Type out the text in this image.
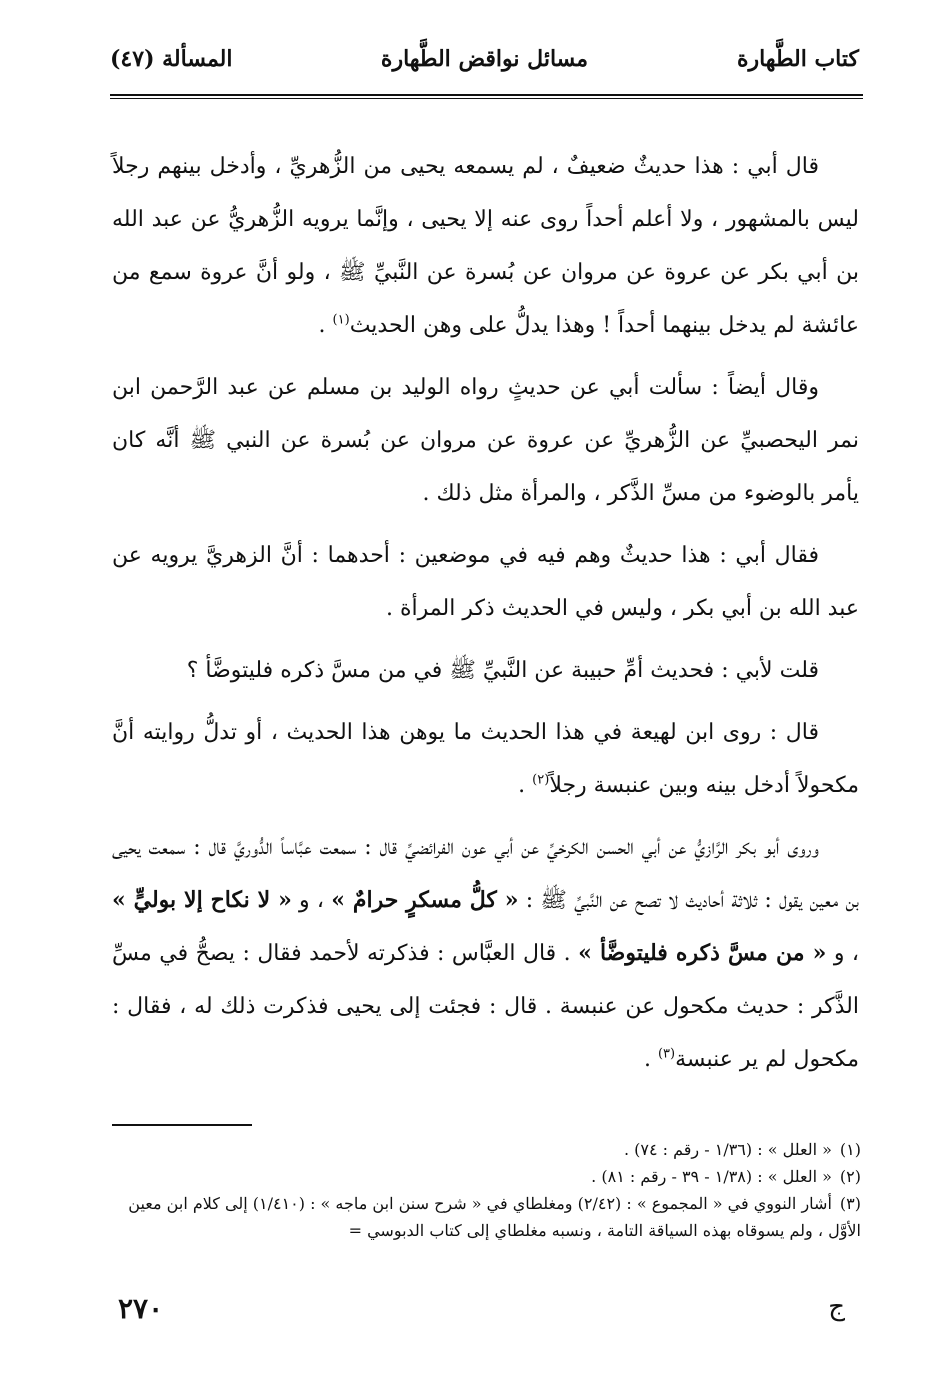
كتاب الطَّهارة
مسائل نواقض الطَّهارة
المسألة (٤٧)

قال أبي : هذا حديثٌ ضعيفٌ ، لم يسمعه يحيى من الزُّهريِّ ، وأدخل بينهم رجلاً ليس بالمشهور ، ولا أعلم أحداً روى عنه إلا يحيى ، وإنَّما يرويه الزُّهريُّ عن عبد الله بن أبي بكر عن عروة عن مروان عن بُسرة عن النَّبيِّ ﷺ ، ولو أنَّ عروة سمع من عائشة لم يدخل بينهما أحداً ! وهذا يدلُّ على وهن الحديث$^{(١)}$ .

وقال أيضاً : سألت أبي عن حديثٍ رواه الوليد بن مسلم عن عبد الرَّحمن ابن نمر اليحصبيِّ عن الزُّهريِّ عن عروة عن مروان عن بُسرة عن النبي ﷺ أنَّه كان يأمر بالوضوء من مسِّ الذَّكر ، والمرأة مثل ذلك .

فقال أبي : هذا حديثٌ وهم فيه في موضعين : أحدهما : أنَّ الزهريَّ يرويه عن عبد الله بن أبي بكر ، وليس في الحديث ذكر المرأة .

قلت لأبي : فحديث أمِّ حبيبة عن النَّبيِّ ﷺ في من مسَّ ذكره فليتوضَّأ ؟

قال : روى ابن لهيعة في هذا الحديث ما يوهن هذا الحديث ، أو تدلُّ روايته أنَّ مكحولاً أدخل بينه وبين عنبسة رجلاً$^{(٢)}$ .

وروى أبو بكر الرَّازيُّ عن أبي الحسن الكرخيِّ عن أبي عون الفرائضيِّ قال : سمعت عبَّاساً الدُّوريَّ قال : سمعت يحيى بن معين يقول : ثلاثة أحاديث لا تصح عن النَّبيِّ ﷺ : « كلُّ مسكرٍ حرامٌ » ، و « لا نكاح إلا بوليٍّ » ، و « من مسَّ ذكره فليتوضَّأ » . قال العبَّاس : فذكرته لأحمد فقال : يصحُّ في مسِّ الذَّكر : حديث مكحول عن عنبسة . قال : فجئت إلى يحيى فذكرت ذلك له ، فقال : مكحول لم ير عنبسة$^{(٣)}$ .

(١)« العلل » : (١/٣٦ - رقم : ٧٤) .

(٢)« العلل » : (١/٣٨ - ٣٩ - رقم : ٨١) .

(٣)أشار النووي في « المجموع » : (٢/٤٢) ومغلطاي في « شرح سنن ابن ماجه » : (١/٤١٠) إلى كلام ابن معين الأوَّل ، ولم يسوقاه بهذه السياقة التامة ، ونسبه مغلطاي إلى كتاب الدبوسي =

٢٧٠	ج
